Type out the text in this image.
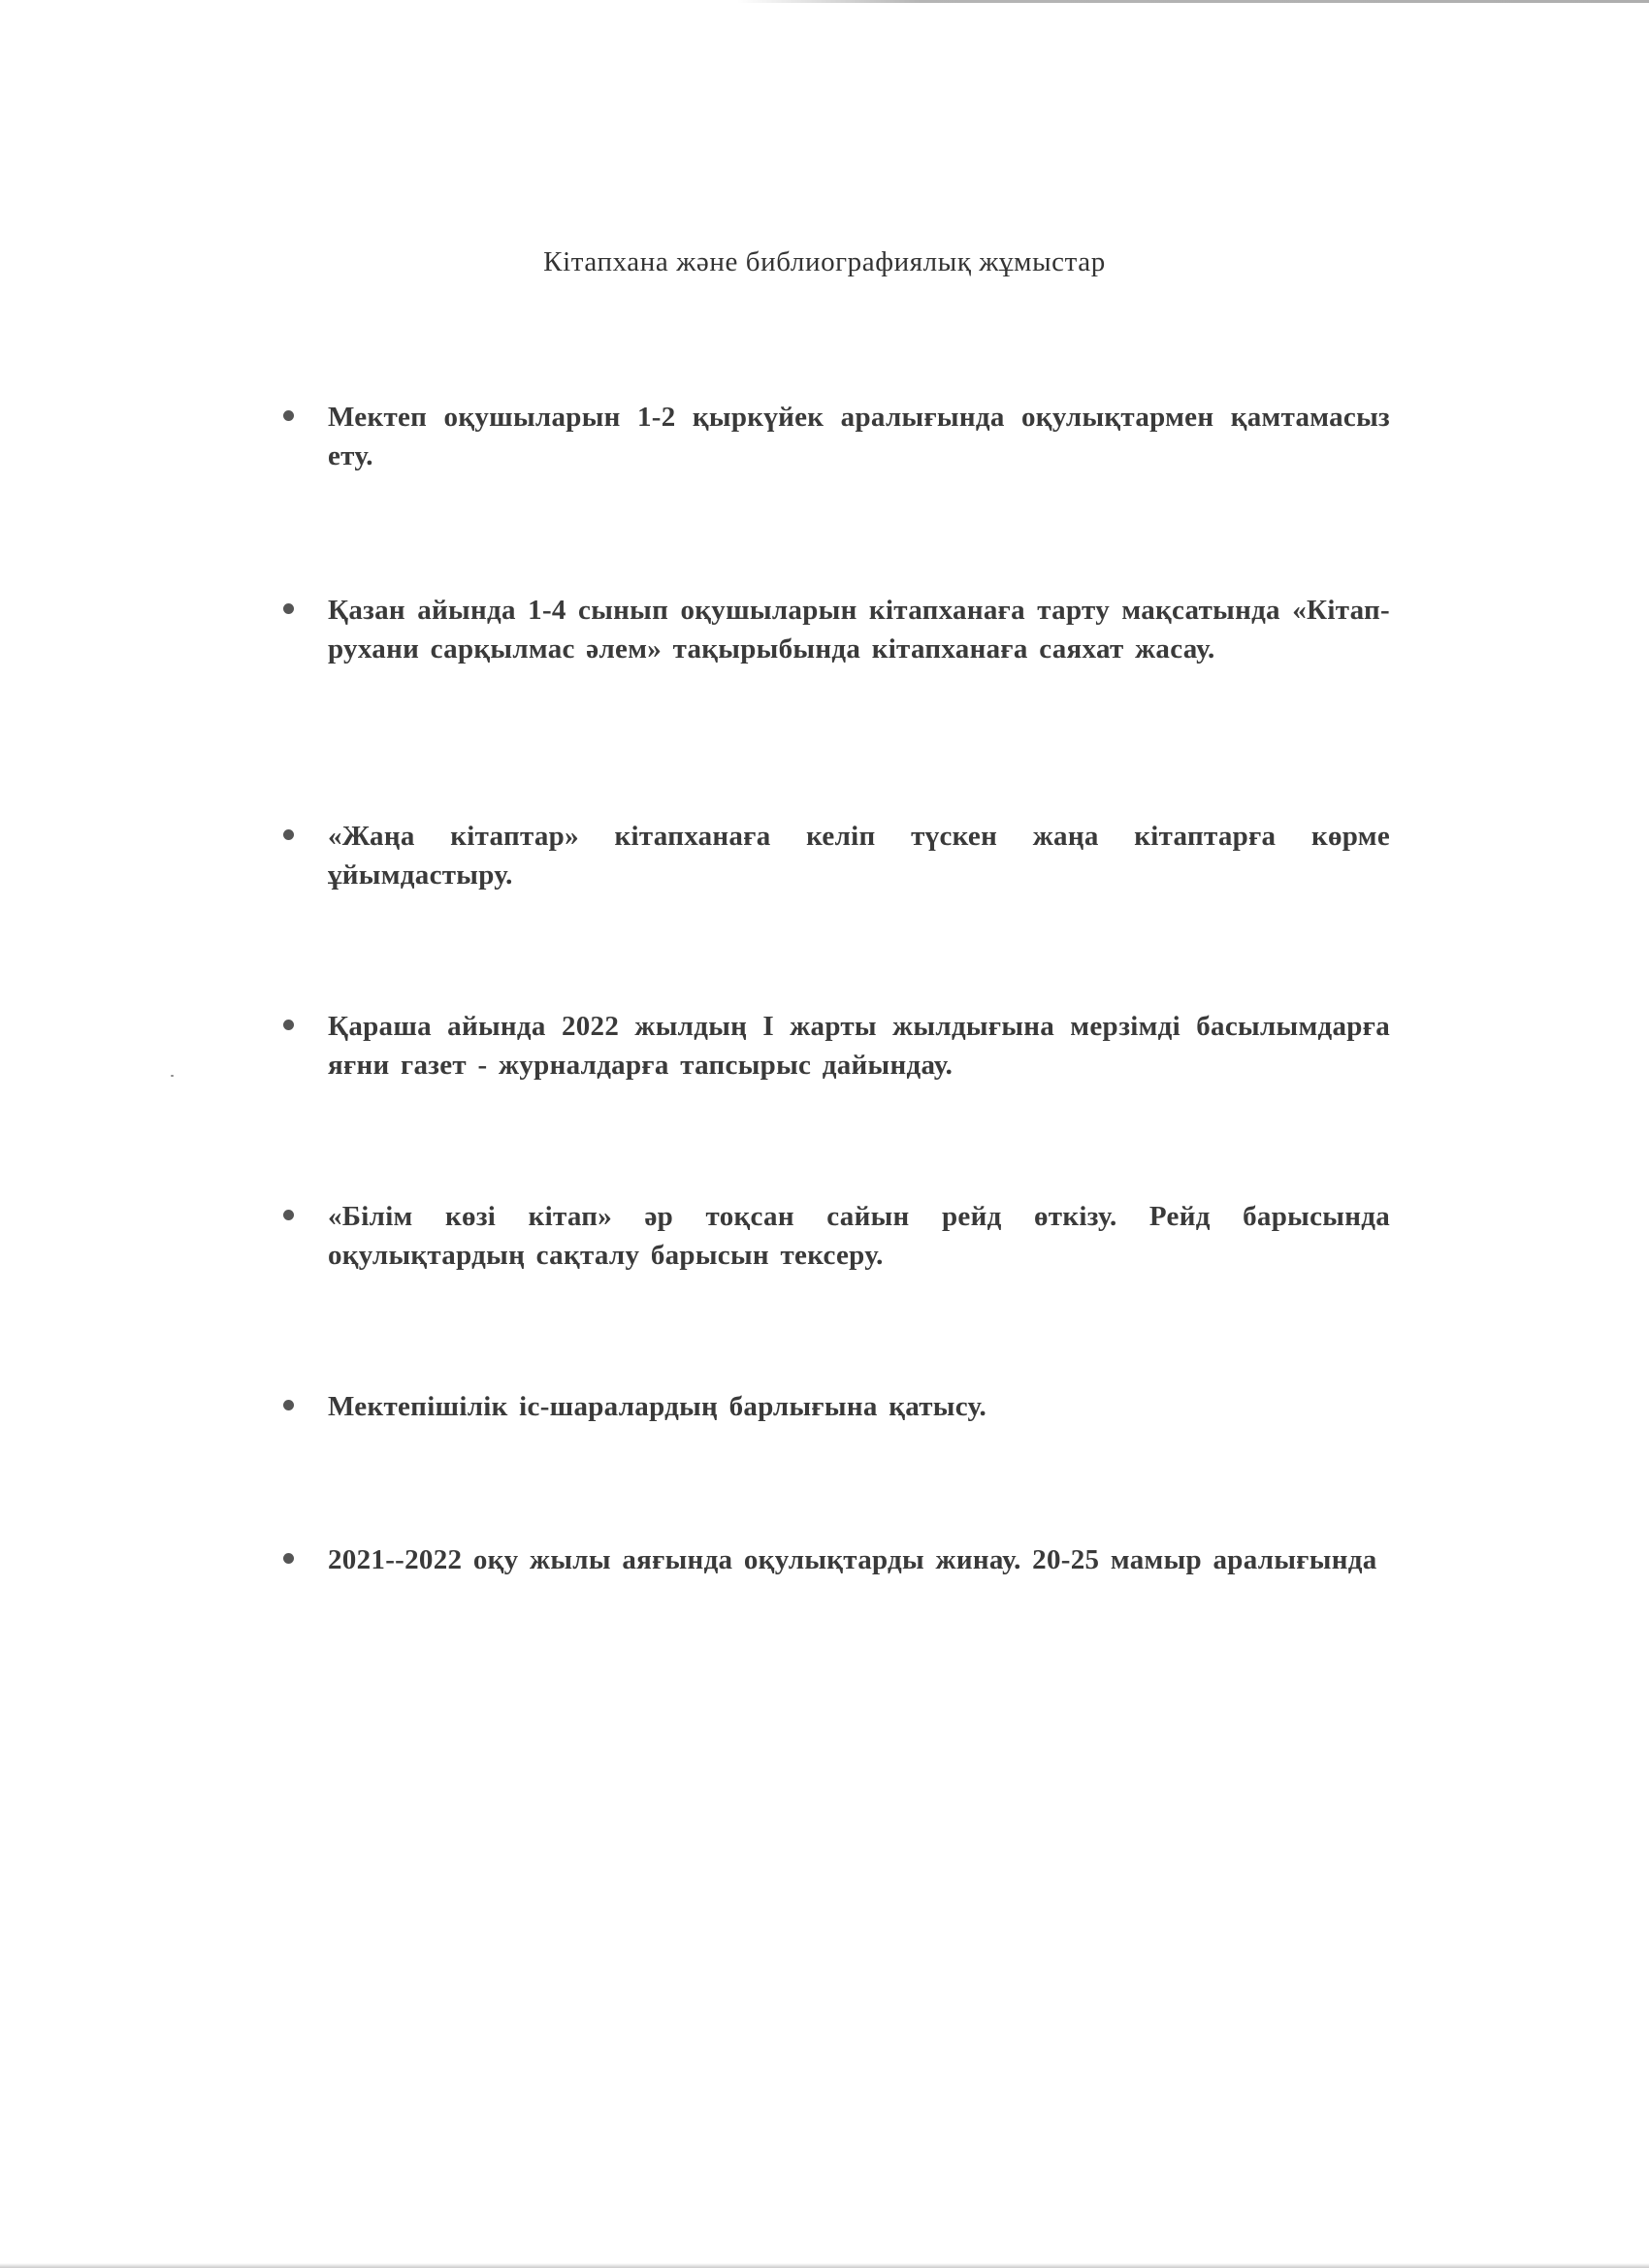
Кітапхана және библиографиялық жұмыстар
Мектеп оқушыларын 1-2 қыркүйек аралығында оқулықтармен қамтамасыз ету.
Қазан айында 1-4 сынып оқушыларын кітапханаға тарту мақсатында «Кітап- рухани сарқылмас әлем» тақырыбында кітапханаға саяхат жасау.
«Жаңа кітаптар» кітапханаға келіп түскен жаңа кітаптарға көрме ұйымдастыру.
Қараша айында 2022 жылдың І жарты жылдығына мерзімді басылымдарға яғни газет - журналдарға тапсырыс дайындау.
«Білім көзі кітап» әр тоқсан сайын рейд өткізу. Рейд барысында оқулықтардың сақталу барысын тексеру.
Мектепішілік іс-шаралардың барлығына қатысу.
2021--2022 оқу жылы аяғында оқулықтарды жинау. 20-25 мамыр аралығында
